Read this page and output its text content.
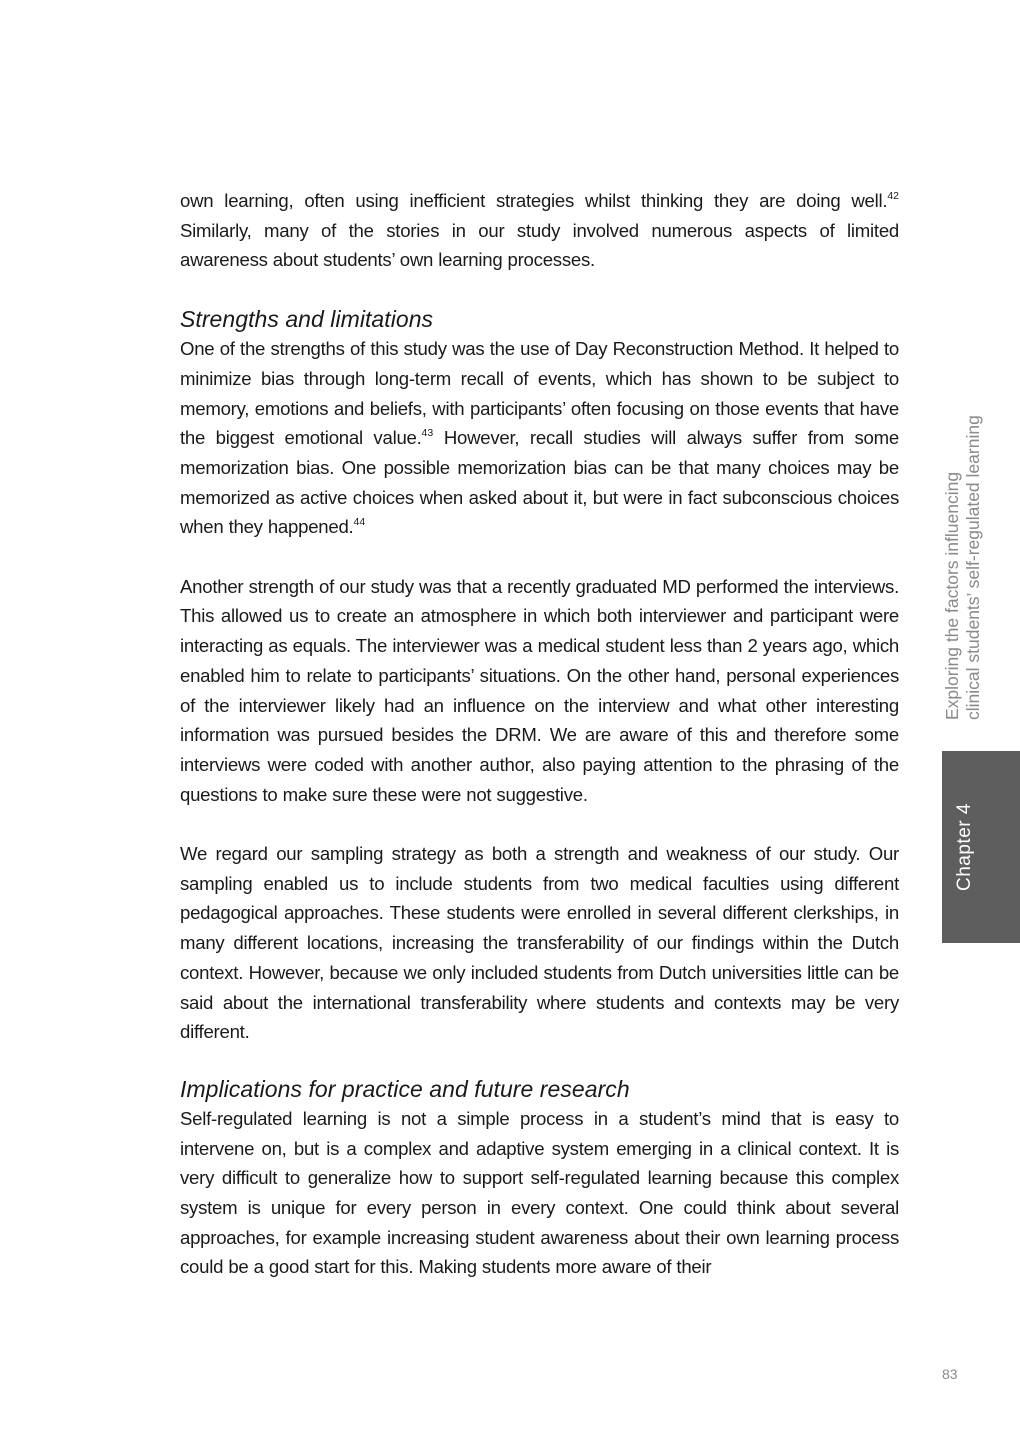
own learning, often using inefficient strategies whilst thinking they are doing well.$^{42}$ Similarly, many of the stories in our study involved numerous aspects of limited awareness about students’ own learning processes.

Strengths and limitations

One of the strengths of this study was the use of Day Reconstruction Method. It helped to minimize bias through long-term recall of events, which has shown to be subject to memory, emotions and beliefs, with participants’ often focusing on those events that have the biggest emotional value.$^{43}$ However, recall studies will always suffer from some memorization bias. One possible memorization bias can be that many choices may be memorized as active choices when asked about it, but were in fact subconscious choices when they happened.$^{44}$

Another strength of our study was that a recently graduated MD performed the interviews. This allowed us to create an atmosphere in which both interviewer and participant were interacting as equals. The interviewer was a medical student less than 2 years ago, which enabled him to relate to participants’ situations. On the other hand, personal experiences of the interviewer likely had an influence on the interview and what other interesting information was pursued besides the DRM. We are aware of this and therefore some interviews were coded with another author, also paying attention to the phrasing of the questions to make sure these were not suggestive.

We regard our sampling strategy as both a strength and weakness of our study. Our sampling enabled us to include students from two medical faculties using different pedagogical approaches. These students were enrolled in several different clerkships, in many different locations, increasing the transferability of our findings within the Dutch context. However, because we only included students from Dutch universities little can be said about the international transferability where students and contexts may be very different.

Implications for practice and future research

Self-regulated learning is not a simple process in a student’s mind that is easy to intervene on, but is a complex and adaptive system emerging in a clinical context. It is very difficult to generalize how to support self-regulated learning because this complex system is unique for every person in every context. One could think about several approaches, for example increasing student awareness about their own learning process could be a good start for this. Making students more aware of their

Exploring the factors influencing clinical students’ self-regulated learning
Chapter 4
83
